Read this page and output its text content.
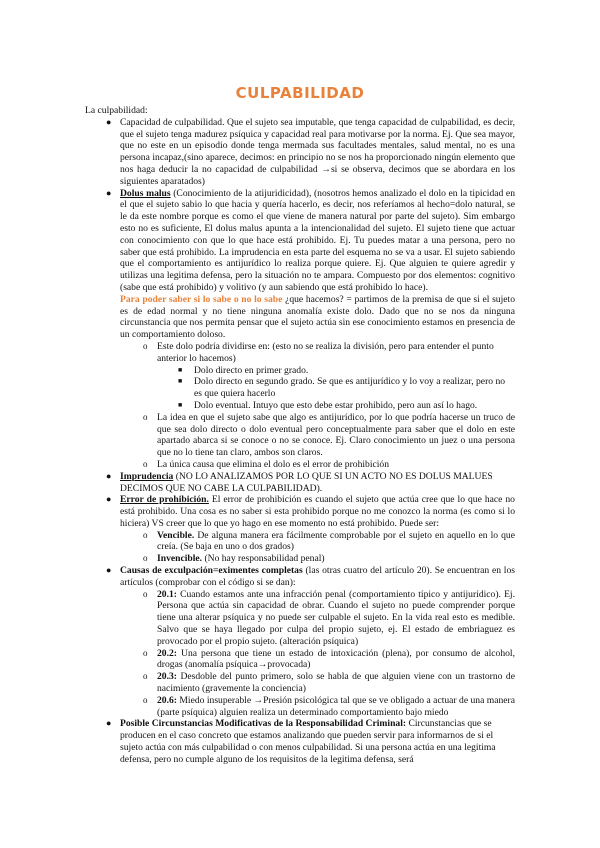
CULPABILIDAD

La culpabilidad:

● Capacidad de culpabilidad. Que el sujeto sea imputable, que tenga capacidad de culpabilidad, es decir, que el sujeto tenga madurez psíquica y capacidad real para motivarse por la norma. Ej. Que sea mayor, que no este en un episodio donde tenga mermada sus facultades mentales, salud mental, no es una persona incapaz,(sino aparece, decimos: en principio no se nos ha proporcionado ningún elemento que nos haga deducir la no capacidad de culpabilidad →si se observa, decimos que se abordara en los siguientes aparatados)
● Dolus malus (Conocimiento de la atijuridicidad), (nosotros hemos analizado el dolo en la tipicidad en el que el sujeto sabio lo que hacia y quería hacerlo, es decir, nos referíamos al hecho=dolo natural, se le da este nombre porque es como el que viene de manera natural por parte del sujeto). Sim embargo esto no es suficiente, El dolus malus apunta a la intencionalidad del sujeto. El sujeto tiene que actuar con conocimiento con que lo que hace está prohibido. Ej. Tu puedes matar a una persona, pero no saber que está prohibido. La imprudencia en esta parte del esquema no se va a usar. El sujeto sabiendo que el comportamiento es antijurídico lo realiza porque quiere. Ej. Que alguien te quiere agredir y utilizas una legitima defensa, pero la situación no te ampara. Compuesto por dos elementos: cognitivo (sabe que está prohibido) y volitivo (y aun sabiendo que está prohibido lo hace).
Para poder saber si lo sabe o no lo sabe ¿que hacemos? = partimos de la premisa de que si el sujeto es de edad normal y no tiene ninguna anomalía existe dolo. Dado que no se nos da ninguna circunstancia que nos permita pensar que el sujeto actúa sin ese conocimiento estamos en presencia de un comportamiento doloso.
o Este dolo podría dividirse en: (esto no se realiza la división, pero para entender el punto anterior lo hacemos)
■ Dolo directo en primer grado.
■ Dolo directo en segundo grado. Se que es antijurídico y lo voy a realizar, pero no es que quiera hacerlo
■ Dolo eventual. Intuyo que esto debe estar prohibido, pero aun así lo hago.
o La idea en que el sujeto sabe que algo es antijurídico, por lo que podría hacerse un truco de que sea dolo directo o dolo eventual pero conceptualmente para saber que el dolo en este apartado abarca si se conoce o no se conoce. Ej. Claro conocimiento un juez o una persona que no lo tiene tan claro, ambos son claros.
o La única causa que elimina el dolo es el error de prohibición
● Imprudencia (NO LO ANALIZAMOS POR LO QUE SI UN ACTO NO ES DOLUS MALUES DECIMOS QUE NO CABE LA CULPABILIDAD).
● Error de prohibición. El error de prohibición es cuando el sujeto que actúa cree que lo que hace no está prohibido. Una cosa es no saber si esta prohibido porque no me conozco la norma (es como si lo hiciera) VS creer que lo que yo hago en ese momento no está prohibido. Puede ser:
o Vencible. De alguna manera era fácilmente comprobable por el sujeto en aquello en lo que creía. (Se baja en uno o dos grados)
o Invencible. (No hay responsabilidad penal)
● Causas de exculpación=eximentes completas (las otras cuatro del artículo 20). Se encuentran en los artículos (comprobar con el código si se dan):
o 20.1: Cuando estamos ante una infracción penal (comportamiento típico y antijurídico). Ej. Persona que actúa sin capacidad de obrar. Cuando el sujeto no puede comprender porque tiene una alterar psíquica y no puede ser culpable el sujeto. En la vida real esto es medible. Salvo que se haya llegado por culpa del propio sujeto, ej. El estado de embriaguez es provocado por el propio sujeto. (alteración psíquica)
o 20.2: Una persona que tiene un estado de intoxicación (plena), por consumo de alcohol, drogas (anomalía psíquica→provocada)
o 20.3: Desdoble del punto primero, solo se habla de que alguien viene con un trastorno de nacimiento (gravemente la conciencia)
o 20.6: Miedo insuperable →Presión psicológica tal que se ve obligado a actuar de una manera (parte psíquica) alguien realiza un determinado comportamiento bajo miedo
● Posible Circunstancias Modificativas de la Responsabilidad Criminal: Circunstancias que se producen en el caso concreto que estamos analizando que pueden servir para informarnos de si el sujeto actúa con más culpabilidad o con menos culpabilidad. Si una persona actúa en una legitima defensa, pero no cumple alguno de los requisitos de la legitima defensa, será
